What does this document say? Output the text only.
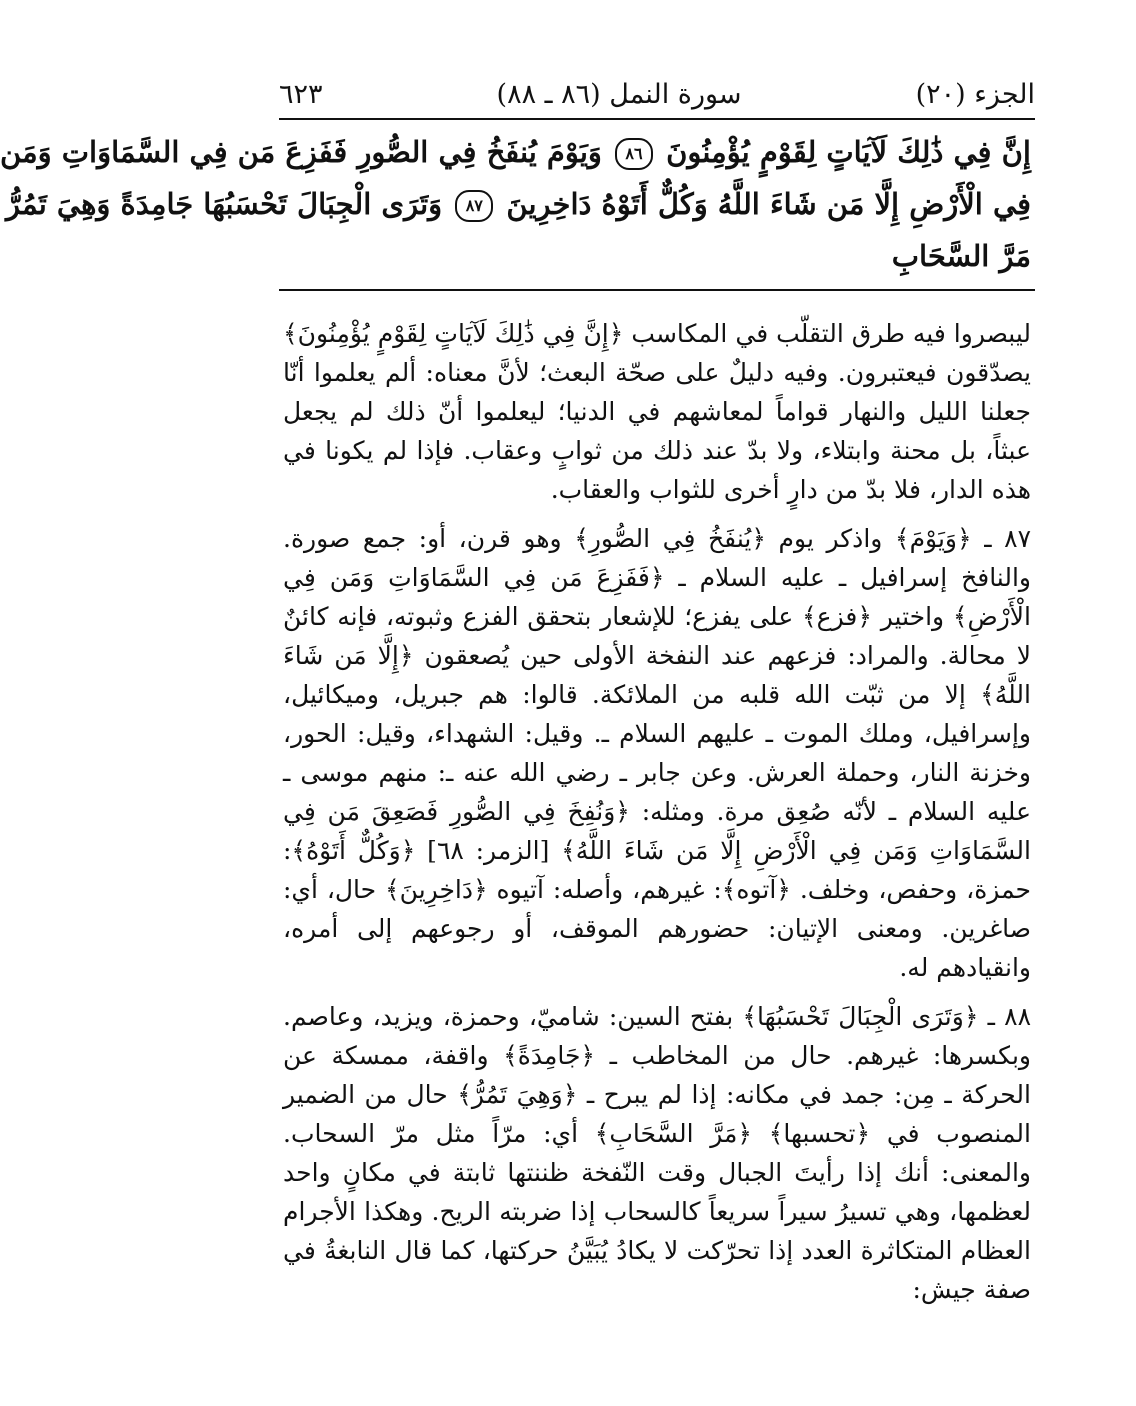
الجزء (٢٠)
سورة النمل (٨٦ ـ ٨٨)
٦٢٣
إِنَّ فِي ذَٰلِكَ لَآيَاتٍ لِقَوْمٍ يُؤْمِنُونَ ٨٦ وَيَوْمَ يُنفَخُ فِي الصُّورِ فَفَزِعَ مَن فِي السَّمَاوَاتِ وَمَن
فِي الْأَرْضِ إِلَّا مَن شَاءَ اللَّهُ وَكُلٌّ أَتَوْهُ دَاخِرِينَ ٨٧ وَتَرَى الْجِبَالَ تَحْسَبُهَا جَامِدَةً وَهِيَ تَمُرُّ
مَرَّ السَّحَابِ

ليبصروا فيه طرق التقلّب في المكاسب ﴿إِنَّ فِي ذَٰلِكَ لَآيَاتٍ لِقَوْمٍ يُؤْمِنُونَ﴾ يصدّقون فيعتبرون. وفيه دليلٌ على صحّة البعث؛ لأنَّ معناه: ألم يعلموا أنّا جعلنا الليل والنهار قواماً لمعاشهم في الدنيا؛ ليعلموا أنّ ذلك لم يجعل عبثاً، بل محنة وابتلاء، ولا بدّ عند ذلك من ثوابٍ وعقاب. فإذا لم يكونا في هذه الدار، فلا بدّ من دارٍ أخرى للثواب والعقاب.

٨٧ ـ ﴿وَيَوْمَ﴾ واذكر يوم ﴿يُنفَخُ فِي الصُّورِ﴾ وهو قرن، أو: جمع صورة. والنافخ إسرافيل ـ عليه السلام ـ ﴿فَفَزِعَ مَن فِي السَّمَاوَاتِ وَمَن فِي الْأَرْضِ﴾ واختير ﴿فزع﴾ على يفزع؛ للإشعار بتحقق الفزع وثبوته، فإنه كائنٌ لا محالة. والمراد: فزعهم عند النفخة الأولى حين يُصعقون ﴿إِلَّا مَن شَاءَ اللَّهُ﴾ إلا من ثبّت الله قلبه من الملائكة. قالوا: هم جبريل، وميكائيل، وإسرافيل، وملك الموت ـ عليهم السلام ـ. وقيل: الشهداء، وقيل: الحور، وخزنة النار، وحملة العرش. وعن جابر ـ رضي الله عنه ـ: منهم موسى ـ عليه السلام ـ لأنّه صُعِق مرة. ومثله: ﴿وَنُفِخَ فِي الصُّورِ فَصَعِقَ مَن فِي السَّمَاوَاتِ وَمَن فِي الْأَرْضِ إِلَّا مَن شَاءَ اللَّهُ﴾ [الزمر: ٦٨] ﴿وَكُلٌّ أَتَوْهُ﴾: حمزة، وحفص، وخلف. ﴿آتوه﴾: غيرهم، وأصله: آتيوه ﴿دَاخِرِينَ﴾ حال، أي: صاغرين. ومعنى الإتيان: حضورهم الموقف، أو رجوعهم إلى أمره، وانقيادهم له.

٨٨ ـ ﴿وَتَرَى الْجِبَالَ تَحْسَبُهَا﴾ بفتح السين: شاميّ، وحمزة، ويزيد، وعاصم. وبكسرها: غيرهم. حال من المخاطب ـ ﴿جَامِدَةً﴾ واقفة، ممسكة عن الحركة ـ مِن: جمد في مكانه: إذا لم يبرح ـ ﴿وَهِيَ تَمُرُّ﴾ حال من الضمير المنصوب في ﴿تحسبها﴾ ﴿مَرَّ السَّحَابِ﴾ أي: مرّاً مثل مرّ السحاب. والمعنى: أنك إذا رأيتَ الجبال وقت النّفخة ظننتها ثابتة في مكانٍ واحد لعظمها، وهي تسيرُ سيراً سريعاً كالسحاب إذا ضربته الريح. وهكذا الأجرام العظام المتكاثرة العدد إذا تحرّكت لا يكادُ يُبَيَّنُ حركتها، كما قال النابغةُ في صفة جيش:
